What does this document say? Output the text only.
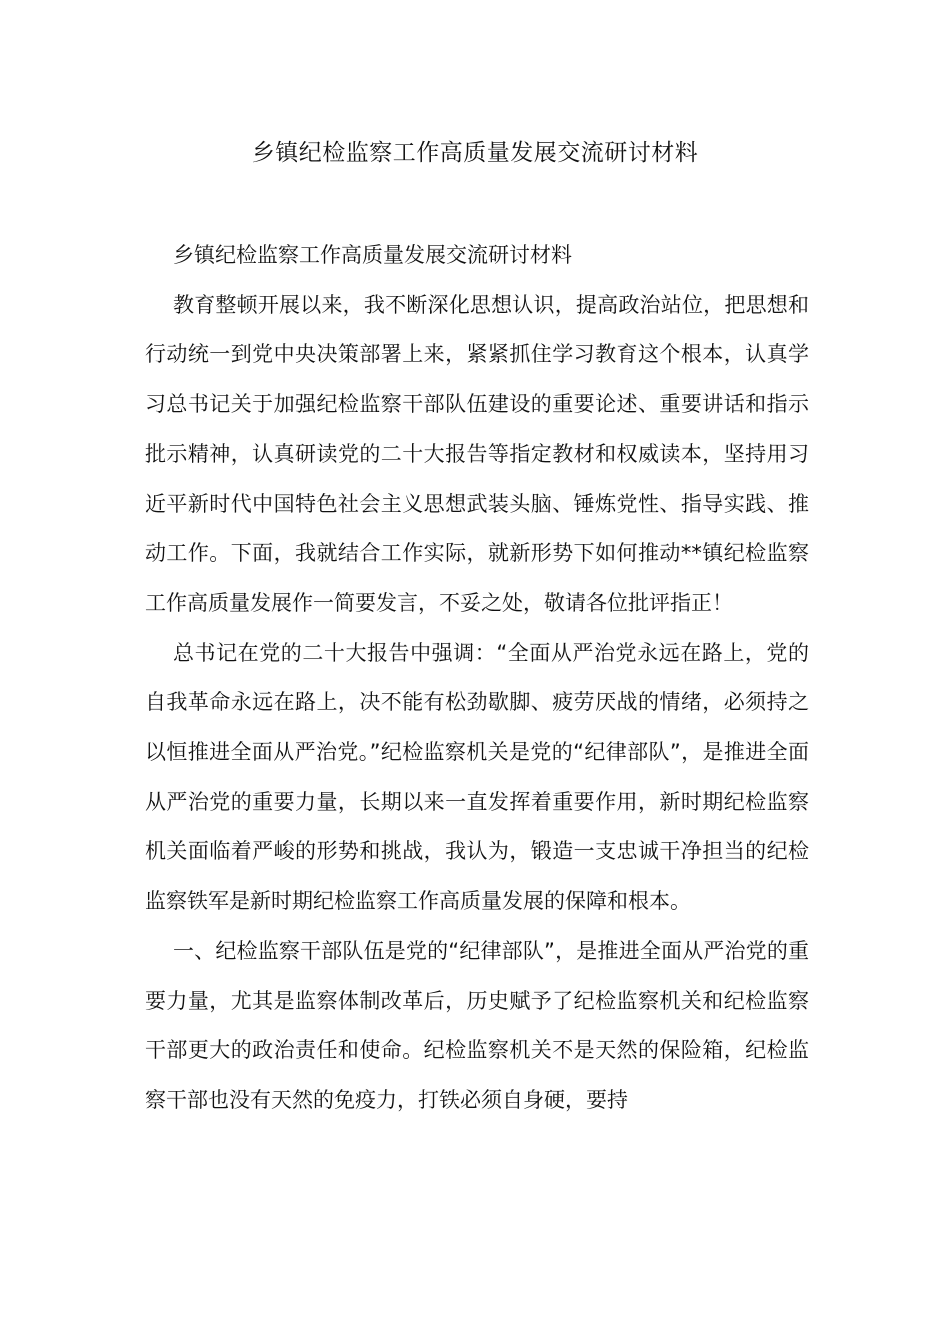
乡镇纪检监察工作高质量发展交流研讨材料

乡镇纪检监察工作高质量发展交流研讨材料

教育整顿开展以来，我不断深化思想认识，提高政治站位，把思想和行动统一到党中央决策部署上来，紧紧抓住学习教育这个根本，认真学习总书记关于加强纪检监察干部队伍建设的重要论述、重要讲话和指示批示精神，认真研读党的二十大报告等指定教材和权威读本，坚持用习近平新时代中国特色社会主义思想武装头脑、锤炼党性、指导实践、推动工作。下面，我就结合工作实际，就新形势下如何推动**镇纪检监察工作高质量发展作一简要发言，不妥之处，敬请各位批评指正！

总书记在党的二十大报告中强调：“全面从严治党永远在路上，党的自我革命永远在路上，决不能有松劲歇脚、疲劳厌战的情绪，必须持之以恒推进全面从严治党。”纪检监察机关是党的“纪律部队”，是推进全面从严治党的重要力量，长期以来一直发挥着重要作用，新时期纪检监察机关面临着严峻的形势和挑战，我认为，锻造一支忠诚干净担当的纪检监察铁军是新时期纪检监察工作高质量发展的保障和根本。

一、纪检监察干部队伍是党的“纪律部队”，是推进全面从严治党的重要力量，尤其是监察体制改革后，历史赋予了纪检监察机关和纪检监察干部更大的政治责任和使命。纪检监察机关不是天然的保险箱，纪检监察干部也没有天然的免疫力，打铁必须自身硬，要持
